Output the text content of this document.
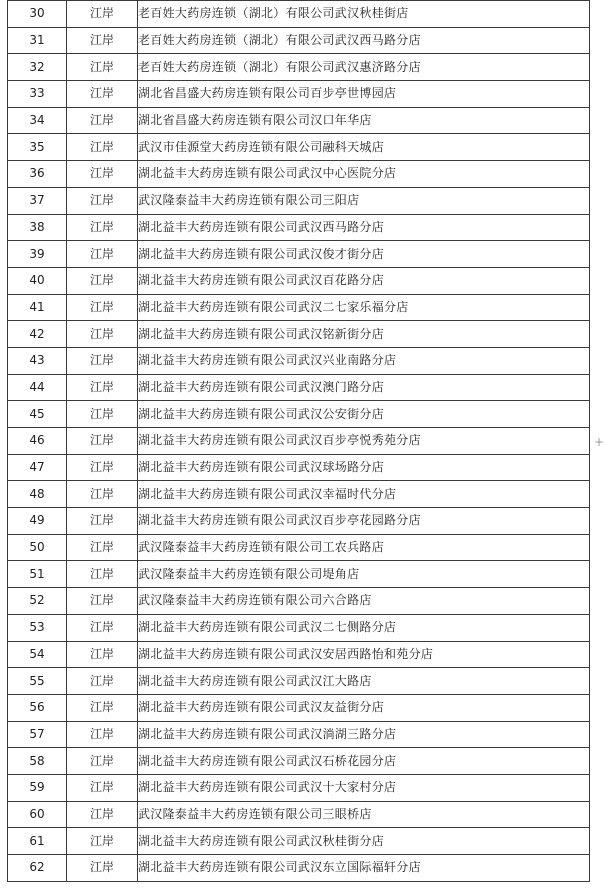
30	江岸	老百姓大药房连锁（湖北）有限公司武汉秋桂街店
31	江岸	老百姓大药房连锁（湖北）有限公司武汉西马路分店
32	江岸	老百姓大药房连锁（湖北）有限公司武汉惠济路分店
33	江岸	湖北省昌盛大药房连锁有限公司百步亭世博园店
34	江岸	湖北省昌盛大药房连锁有限公司汉口年华店
35	江岸	武汉市佳源堂大药房连锁有限公司融科天城店
36	江岸	湖北益丰大药房连锁有限公司武汉中心医院分店
37	江岸	武汉隆泰益丰大药房连锁有限公司三阳店
38	江岸	湖北益丰大药房连锁有限公司武汉西马路分店
39	江岸	湖北益丰大药房连锁有限公司武汉俊才街分店
40	江岸	湖北益丰大药房连锁有限公司武汉百花路分店
41	江岸	湖北益丰大药房连锁有限公司武汉二七家乐福分店
42	江岸	湖北益丰大药房连锁有限公司武汉铭新街分店
43	江岸	湖北益丰大药房连锁有限公司武汉兴业南路分店
44	江岸	湖北益丰大药房连锁有限公司武汉澳门路分店
45	江岸	湖北益丰大药房连锁有限公司武汉公安街分店
46	江岸	湖北益丰大药房连锁有限公司武汉百步亭悦秀苑分店
47	江岸	湖北益丰大药房连锁有限公司武汉球场路分店
48	江岸	湖北益丰大药房连锁有限公司武汉幸福时代分店
49	江岸	湖北益丰大药房连锁有限公司武汉百步亭花园路分店
50	江岸	武汉隆泰益丰大药房连锁有限公司工农兵路店
51	江岸	武汉隆泰益丰大药房连锁有限公司堤角店
52	江岸	武汉隆泰益丰大药房连锁有限公司六合路店
53	江岸	湖北益丰大药房连锁有限公司武汉二七侧路分店
54	江岸	湖北益丰大药房连锁有限公司武汉安居西路怡和苑分店
55	江岸	湖北益丰大药房连锁有限公司武汉江大路店
56	江岸	湖北益丰大药房连锁有限公司武汉友益街分店
57	江岸	湖北益丰大药房连锁有限公司武汉淌湖三路分店
58	江岸	湖北益丰大药房连锁有限公司武汉石桥花园分店
59	江岸	湖北益丰大药房连锁有限公司武汉十大家村分店
60	江岸	武汉隆泰益丰大药房连锁有限公司三眼桥店
61	江岸	湖北益丰大药房连锁有限公司武汉秋桂街分店
62	江岸	湖北益丰大药房连锁有限公司武汉东立国际福轩分店
+
